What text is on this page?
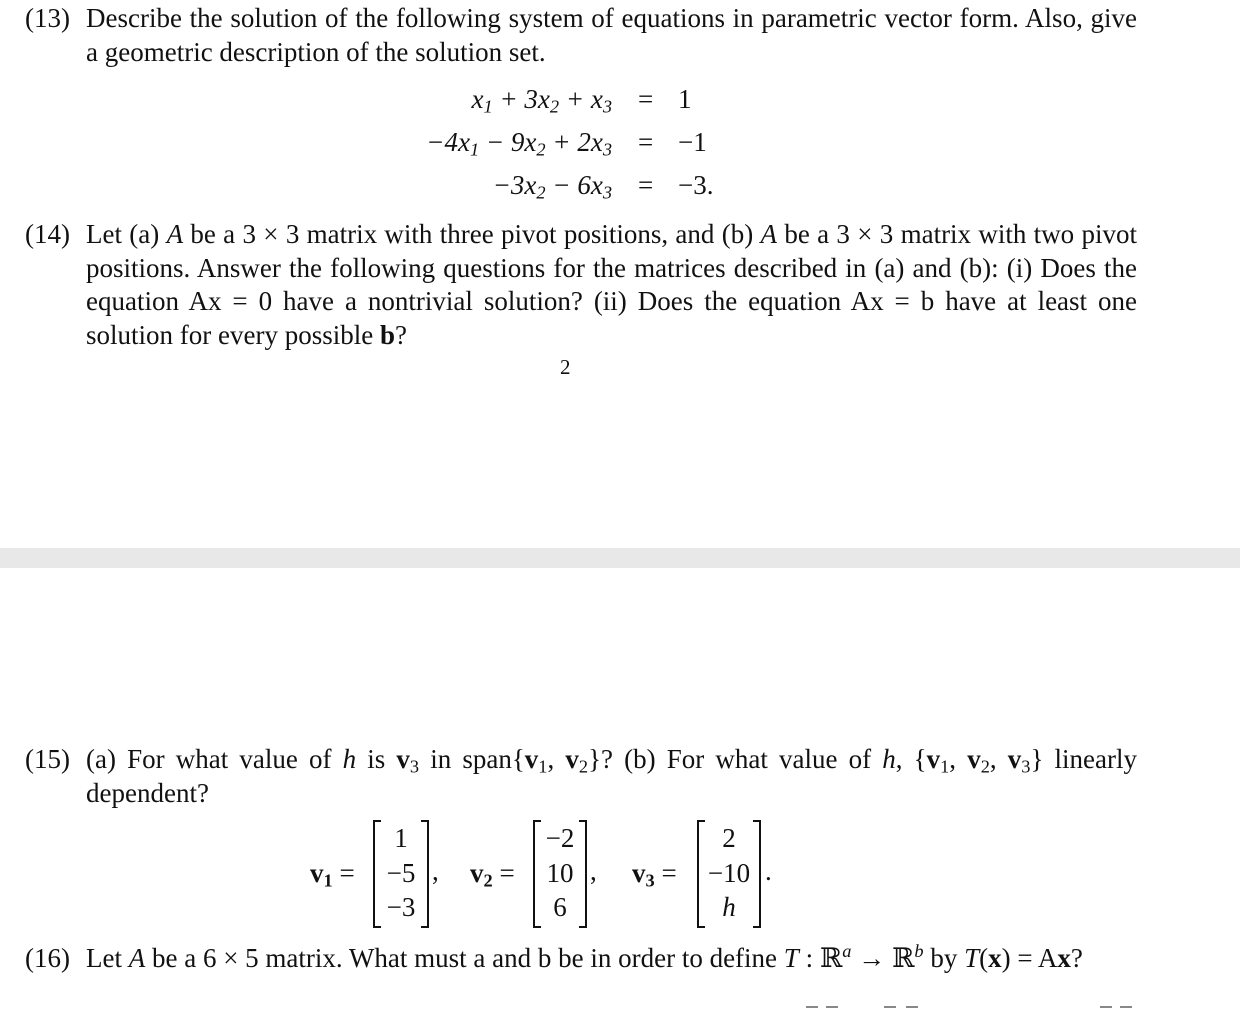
(13) Describe the solution of the following system of equations in parametric vector form. Also, give a geometric description of the solution set.
$x_1 + 3x_2 + x_3 = 1$
$-4x_1 - 9x_2 + 2x_3 = -1$
$-3x_2 - 6x_3 = -3$.
(14) Let (a) A be a 3 × 3 matrix with three pivot positions, and (b) A be a 3 × 3 matrix with two pivot positions. Answer the following questions for the matrices described in (a) and (b): (i) Does the equation Ax = 0 have a nontrivial solution? (ii) Does the equation Ax = b have at least one solution for every possible b?
2
(15) (a) For what value of h is $v_3$ in $span\{v_1$, $v_2$}? (b) For what value of h, {$v_1$, $v_2$, $v_3$} linearly dependent?
$v_1$ =
1
−5
−3
, $v_2$ =
−2
10
6
, $v_3$ =
2
−10
h
.
(16) Let A be a 6 × 5 matrix. What must a and b be in order to define T : ℝ$^a$ → ℝ$^b$ by T(x) = Ax?
